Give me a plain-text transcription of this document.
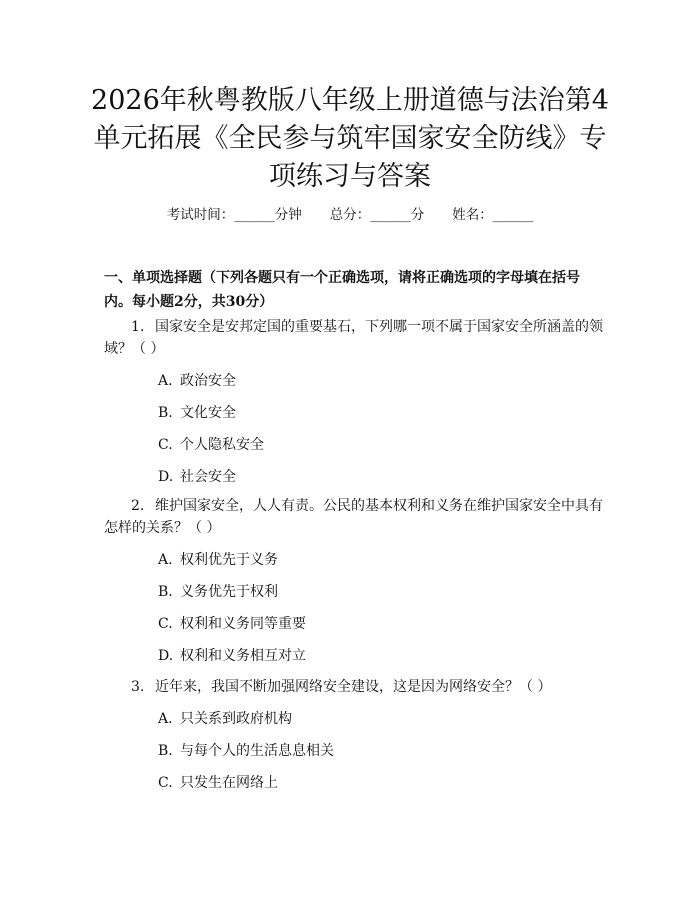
2026年秋粤教版八年级上册道德与法治第4
单元拓展《全民参与筑牢国家安全防线》专
项练习与答案
考试时间：______分钟 总分：______分 姓名：______
一、单项选择题（下列各题只有一个正确选项，请将正确选项的字母填在括号
内。每小题2分，共30分）
1. 国家安全是安邦定国的重要基石，下列哪一项不属于国家安全所涵盖的领
域？（ ）
A. 政治安全
B. 文化安全
C. 个人隐私安全
D. 社会安全
2. 维护国家安全，人人有责。公民的基本权利和义务在维护国家安全中具有
怎样的关系？（ ）
A. 权利优先于义务
B. 义务优先于权利
C. 权利和义务同等重要
D. 权利和义务相互对立
3. 近年来，我国不断加强网络安全建设，这是因为网络安全？（ ）
A. 只关系到政府机构
B. 与每个人的生活息息相关
C. 只发生在网络上
